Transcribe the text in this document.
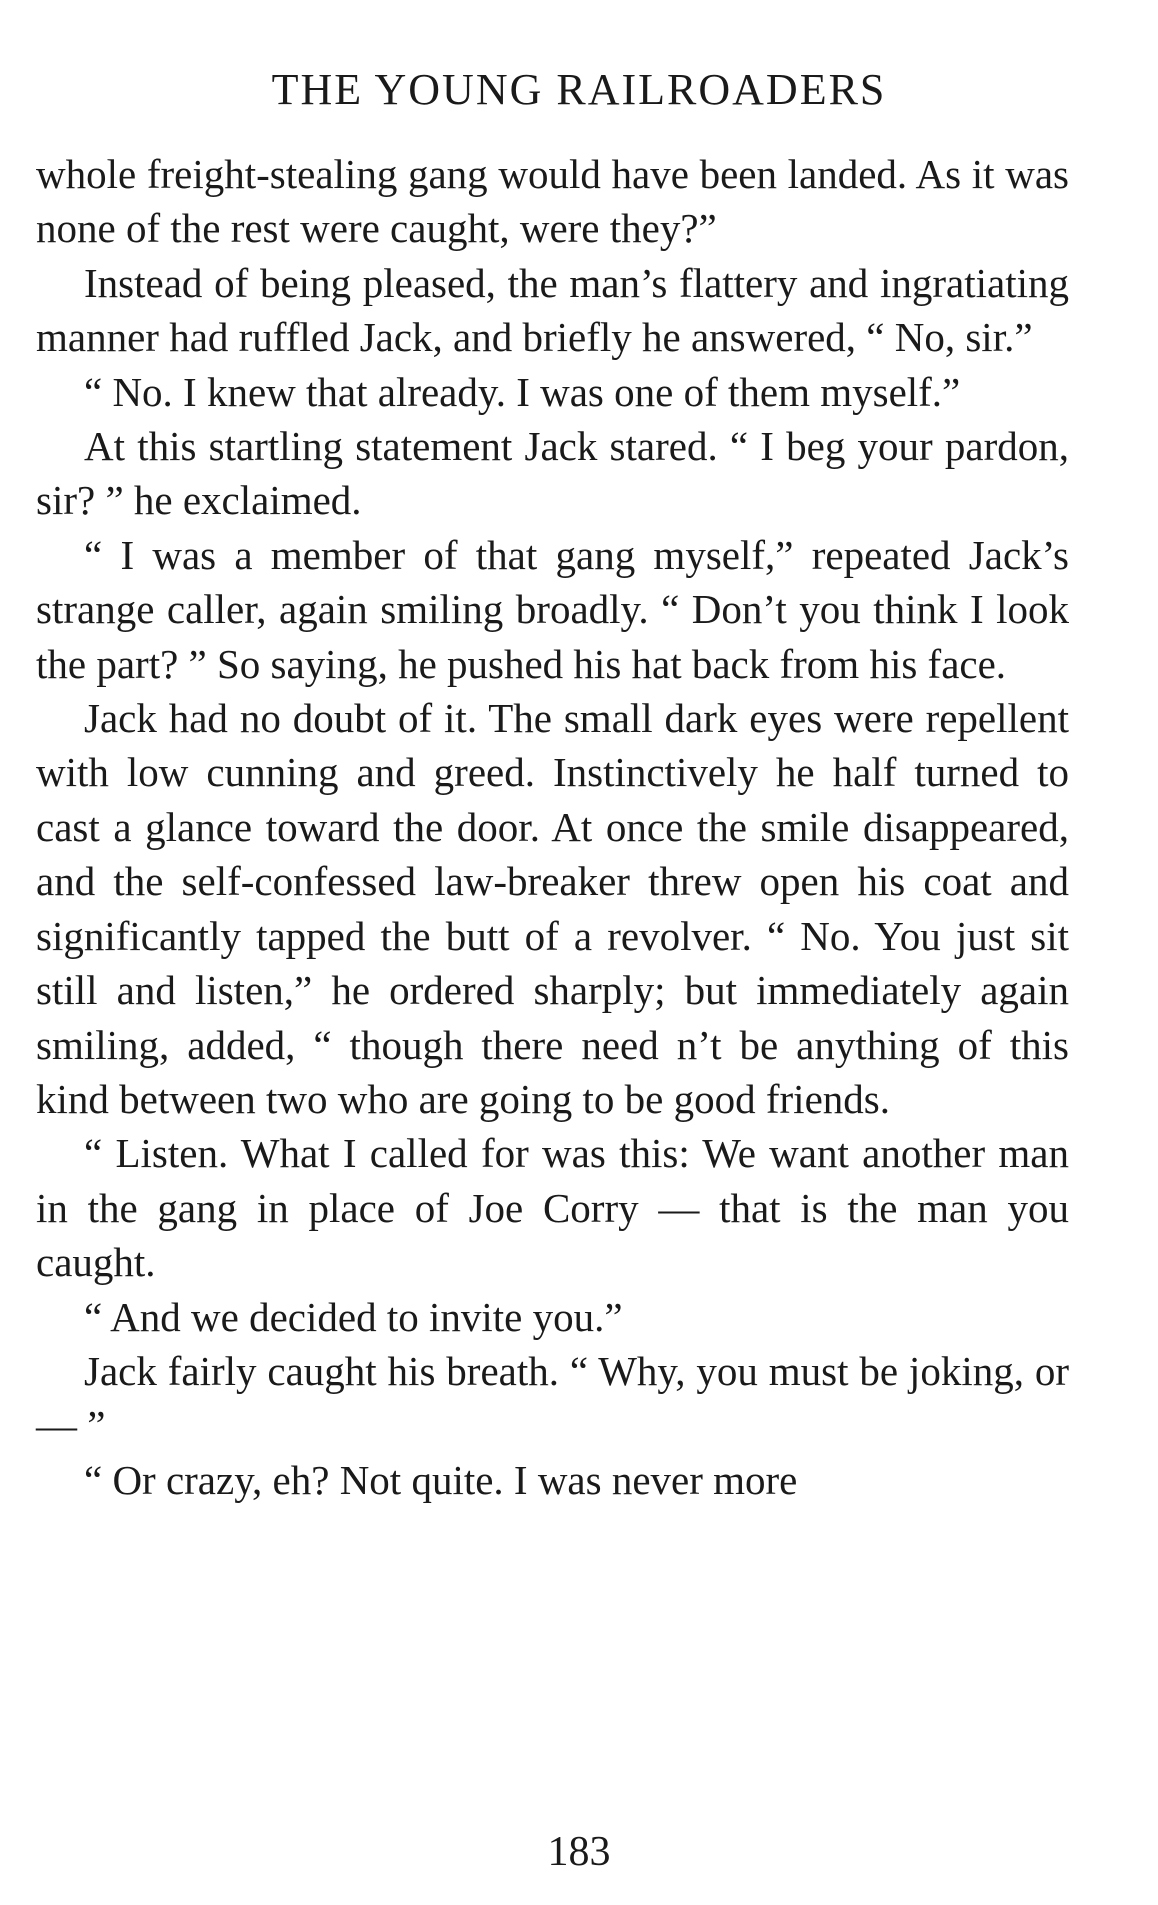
THE YOUNG RAILROADERS

whole freight-stealing gang would have been landed. As it was none of the rest were caught, were they?”

Instead of being pleased, the man’s flattery and ingratiating manner had ruffled Jack, and briefly he answered, “ No, sir.”

“ No. I knew that already. I was one of them myself.”

At this startling statement Jack stared. “ I beg your pardon, sir? ” he exclaimed.

“ I was a member of that gang myself,” repeated Jack’s strange caller, again smiling broadly. “ Don’t you think I look the part? ” So saying, he pushed his hat back from his face.

Jack had no doubt of it. The small dark eyes were repellent with low cunning and greed. Instinctively he half turned to cast a glance toward the door. At once the smile disappeared, and the self-confessed law-breaker threw open his coat and significantly tapped the butt of a revolver. “ No. You just sit still and listen,” he ordered sharply; but immediately again smiling, added, “ though there need n’t be anything of this kind between two who are going to be good friends.

“ Listen. What I called for was this: We want another man in the gang in place of Joe Corry — that is the man you caught.

“ And we decided to invite you.”

Jack fairly caught his breath. “ Why, you must be joking, or — ”

“ Or crazy, eh? Not quite. I was never more

183
